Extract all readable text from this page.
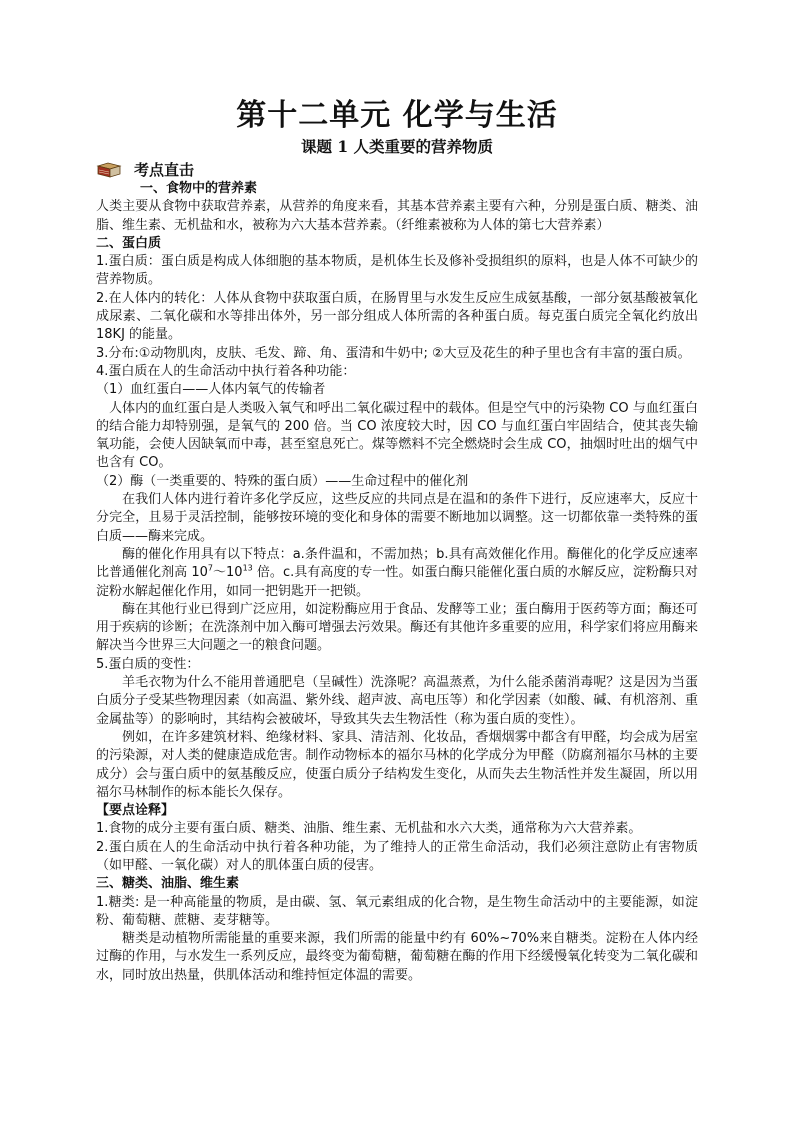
第十二单元 化学与生活
课题 1 人类重要的营养物质
考点直击
一、食物中的营养素

人类主要从食物中获取营养素，从营养的角度来看，其基本营养素主要有六种，分别是蛋白质、糖类、油脂、维生素、无机盐和水，被称为六大基本营养素。（纤维素被称为人体的第七大营养素）

二、蛋白质

1.蛋白质：蛋白质是构成人体细胞的基本物质，是机体生长及修补受损组织的原料，也是人体不可缺少的营养物质。

2.在人体内的转化：人体从食物中获取蛋白质，在肠胃里与水发生反应生成氨基酸，一部分氨基酸被氧化成尿素、二氧化碳和水等排出体外，另一部分组成人体所需的各种蛋白质。每克蛋白质完全氧化约放出 18KJ 的能量。

3.分布:①动物肌肉，皮肤、毛发、蹄、角、蛋清和牛奶中; ②大豆及花生的种子里也含有丰富的蛋白质。

4.蛋白质在人的生命活动中执行着各种功能：

（1）血红蛋白——人体内氧气的传输者

人体内的血红蛋白是人类吸入氧气和呼出二氧化碳过程中的载体。但是空气中的污染物 CO 与血红蛋白的结合能力却特别强，是氧气的 200 倍。当 CO 浓度较大时，因 CO 与血红蛋白牢固结合，使其丧失输氧功能，会使人因缺氧而中毒，甚至窒息死亡。煤等燃料不完全燃烧时会生成 CO，抽烟时吐出的烟气中也含有 CO。

（2）酶（一类重要的、特殊的蛋白质）——生命过程中的催化剂

在我们人体内进行着许多化学反应，这些反应的共同点是在温和的条件下进行，反应速率大，反应十分完全，且易于灵活控制，能够按环境的变化和身体的需要不断地加以调整。这一切都依靠一类特殊的蛋白质——酶来完成。

酶的催化作用具有以下特点：a.条件温和，不需加热；b.具有高效催化作用。酶催化的化学反应速率比普通催化剂高 $10^7\sim 10^{13}$ 倍。c.具有高度的专一性。如蛋白酶只能催化蛋白质的水解反应，淀粉酶只对淀粉水解起催化作用，如同一把钥匙开一把锁。

酶在其他行业已得到广泛应用，如淀粉酶应用于食品、发酵等工业；蛋白酶用于医药等方面；酶还可用于疾病的诊断；在洗涤剂中加入酶可增强去污效果。酶还有其他许多重要的应用，科学家们将应用酶来解决当今世界三大问题之一的粮食问题。

5.蛋白质的变性：

羊毛衣物为什么不能用普通肥皂（呈碱性）洗涤呢？高温蒸煮，为什么能杀菌消毒呢？这是因为当蛋白质分子受某些物理因素（如高温、紫外线、超声波、高电压等）和化学因素（如酸、碱、有机溶剂、重金属盐等）的影响时，其结构会被破坏，导致其失去生物活性（称为蛋白质的变性）。

例如，在许多建筑材料、绝缘材料、家具、清洁剂、化妆品，香烟烟雾中都含有甲醛，均会成为居室的污染源，对人类的健康造成危害。制作动物标本的福尔马林的化学成分为甲醛（防腐剂福尔马林的主要成分）会与蛋白质中的氨基酸反应，使蛋白质分子结构发生变化，从而失去生物活性并发生凝固，所以用福尔马林制作的标本能长久保存。

【要点诠释】

1.食物的成分主要有蛋白质、糖类、油脂、维生素、无机盐和水六大类，通常称为六大营养素。

2.蛋白质在人的生命活动中执行着各种功能，为了维持人的正常生命活动，我们必须注意防止有害物质（如甲醛、一氧化碳）对人的肌体蛋白质的侵害。

三、糖类、油脂、维生素

1.糖类: 是一种高能量的物质，是由碳、氢、氧元素组成的化合物，是生物生命活动中的主要能源，如淀粉、葡萄糖、蔗糖、麦芽糖等。

糖类是动植物所需能量的重要来源，我们所需的能量中约有 60%~70%来自糖类。淀粉在人体内经过酶的作用，与水发生一系列反应，最终变为葡萄糖，葡萄糖在酶的作用下经缓慢氧化转变为二氧化碳和水，同时放出热量，供肌体活动和维持恒定体温的需要。
